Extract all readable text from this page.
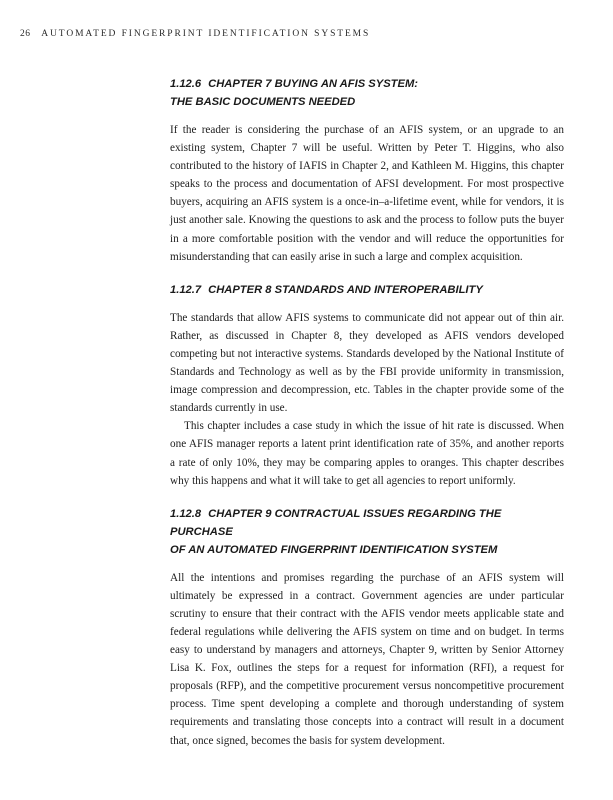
26 AUTOMATED FINGERPRINT IDENTIFICATION SYSTEMS
1.12.6 CHAPTER 7 BUYING AN AFIS SYSTEM:
THE BASIC DOCUMENTS NEEDED

If the reader is considering the purchase of an AFIS system, or an upgrade to an existing system, Chapter 7 will be useful. Written by Peter T. Higgins, who also contributed to the history of IAFIS in Chapter 2, and Kathleen M. Higgins, this chapter speaks to the process and documentation of AFSI development. For most prospective buyers, acquiring an AFIS system is a once-in–a-lifetime event, while for vendors, it is just another sale. Knowing the questions to ask and the process to follow puts the buyer in a more comfortable position with the vendor and will reduce the opportunities for misunderstanding that can easily arise in such a large and complex acquisition.

1.12.7 CHAPTER 8 STANDARDS AND INTEROPERABILITY

The standards that allow AFIS systems to communicate did not appear out of thin air. Rather, as discussed in Chapter 8, they developed as AFIS vendors developed competing but not interactive systems. Standards developed by the National Institute of Standards and Technology as well as by the FBI provide uniformity in transmission, image compression and decompression, etc. Tables in the chapter provide some of the standards currently in use.

This chapter includes a case study in which the issue of hit rate is discussed. When one AFIS manager reports a latent print identification rate of 35%, and another reports a rate of only 10%, they may be comparing apples to oranges. This chapter describes why this happens and what it will take to get all agencies to report uniformly.

1.12.8 CHAPTER 9 CONTRACTUAL ISSUES REGARDING THE PURCHASE
OF AN AUTOMATED FINGERPRINT IDENTIFICATION SYSTEM

All the intentions and promises regarding the purchase of an AFIS system will ultimately be expressed in a contract. Government agencies are under particular scrutiny to ensure that their contract with the AFIS vendor meets applicable state and federal regulations while delivering the AFIS system on time and on budget. In terms easy to understand by managers and attorneys, Chapter 9, written by Senior Attorney Lisa K. Fox, outlines the steps for a request for information (RFI), a request for proposals (RFP), and the competitive procurement versus noncompetitive procurement process. Time spent developing a complete and thorough understanding of system requirements and translating those concepts into a contract will result in a document that, once signed, becomes the basis for system development.
